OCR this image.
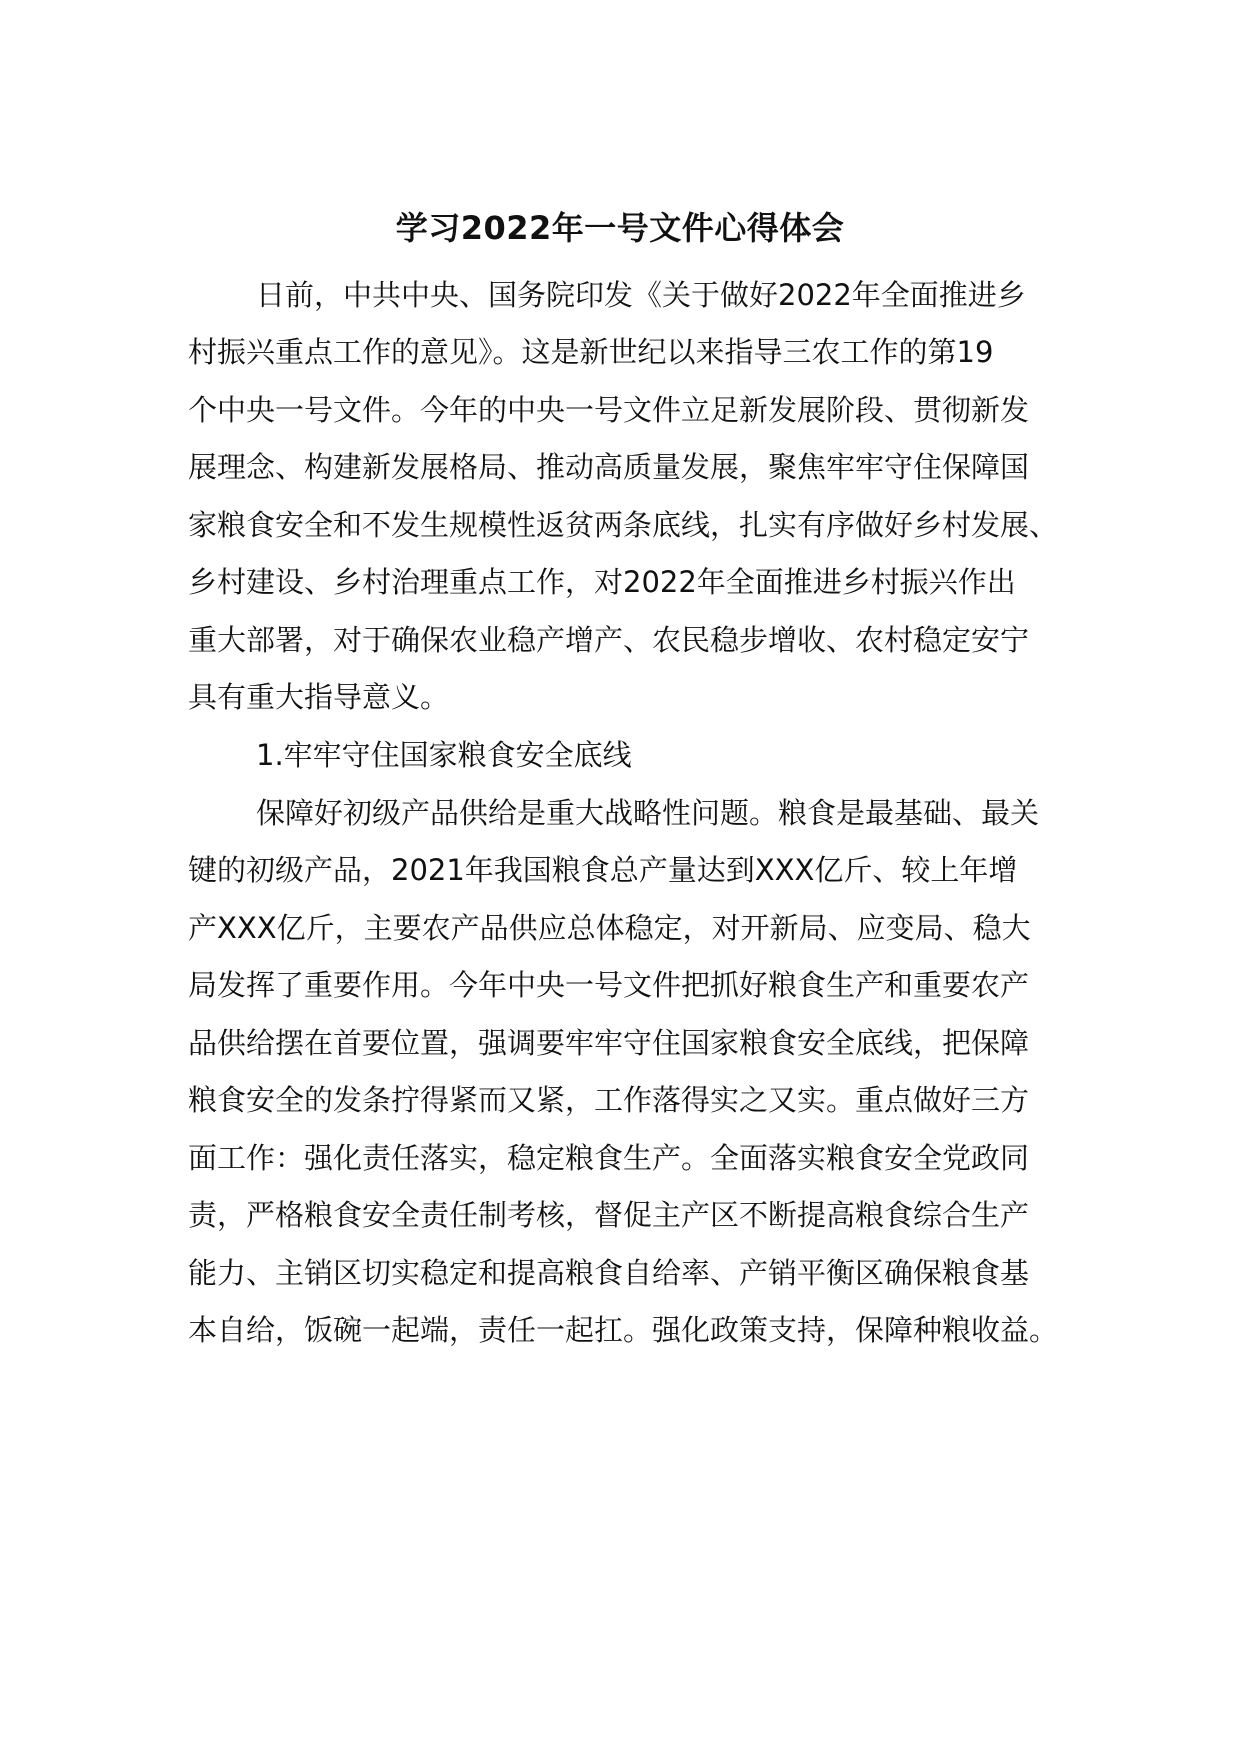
学习2022年一号文件心得体会
日前，中共中央、国务院印发《关于做好2022年全面推进乡
村振兴重点工作的意见》。这是新世纪以来指导三农工作的第19
个中央一号文件。今年的中央一号文件立足新发展阶段、贯彻新发
展理念、构建新发展格局、推动高质量发展，聚焦牢牢守住保障国
家粮食安全和不发生规模性返贫两条底线，扎实有序做好乡村发展、
乡村建设、乡村治理重点工作，对2022年全面推进乡村振兴作出
重大部署，对于确保农业稳产增产、农民稳步增收、农村稳定安宁
具有重大指导意义。
1.牢牢守住国家粮食安全底线
保障好初级产品供给是重大战略性问题。粮食是最基础、最关
键的初级产品，2021年我国粮食总产量达到XXX亿斤、较上年增
产XXX亿斤，主要农产品供应总体稳定，对开新局、应变局、稳大
局发挥了重要作用。今年中央一号文件把抓好粮食生产和重要农产
品供给摆在首要位置，强调要牢牢守住国家粮食安全底线，把保障
粮食安全的发条拧得紧而又紧，工作落得实之又实。重点做好三方
面工作：强化责任落实，稳定粮食生产。全面落实粮食安全党政同
责，严格粮食安全责任制考核，督促主产区不断提高粮食综合生产
能力、主销区切实稳定和提高粮食自给率、产销平衡区确保粮食基
本自给，饭碗一起端，责任一起扛。强化政策支持，保障种粮收益。
